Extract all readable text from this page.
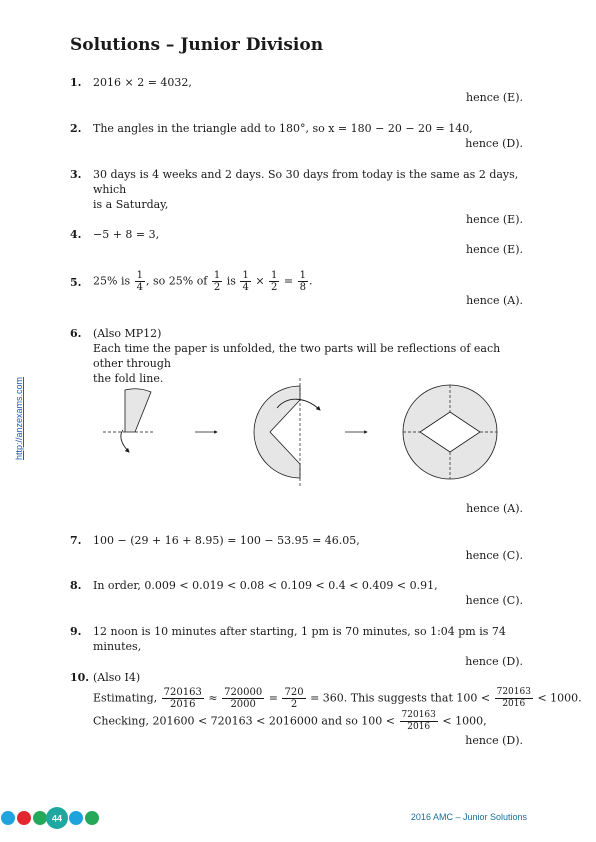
Solutions – Junior Division
http://anzexams.com
1.	2016 × 2 = 4032,
hence (E).
2.	The angles in the triangle add to 180°, so x = 180 − 20 − 20 = 140,
hence (D).
3.	30 days is 4 weeks and 2 days. So 30 days from today is the same as 2 days, which
is a Saturday,
hence (E).
4.	−5 + 8 = 3,
hence (E).
5.	25% is $\frac{1}{4}$ , so 25% of $\frac{1}{2}$ is $\frac{1}{4} \times \frac{1}{2} = \frac{1}{8}$ .
hence (A).
6.	(Also MP12)
Each time the paper is unfolded, the two parts will be reflections of each other through
the fold line.
hence (A).
7.	100 − (29 + 16 + 8.95) = 100 − 53.95 = 46.05,
hence (C).
8.	In order, 0.009 < 0.019 < 0.08 < 0.109 < 0.4 < 0.409 < 0.91,
hence (C).
9.	12 noon is 10 minutes after starting, 1 pm is 70 minutes, so 1:04 pm is 74 minutes,
hence (D).
10. (Also I4)
Estimating, $\frac{720163}{2016} \approx \frac{720000}{2000} = \frac{720}{2} = 360$. This suggests that $100 < \frac{720163}{2016} < 1000$.
Checking, 201600 < 720163 < 2016000 and so $100 < \frac{720163}{2016} < 1000$,
hence (D).
44	2016 AMC – Junior Solutions
